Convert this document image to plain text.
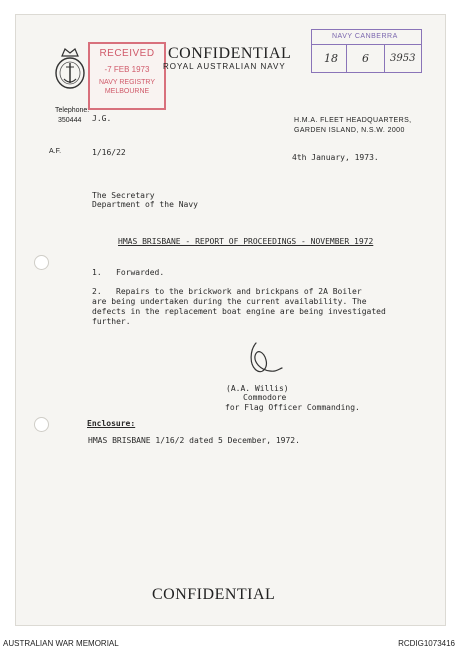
Telephone:
350444
RECEIVED
-7 FEB 1973
NAVY REGISTRY
MELBOURNE
CONFIDENTIAL
ROYAL AUSTRALIAN NAVY
NAVY CANBERRA
18 6 3953
J.G.	H.M.A. FLEET HEADQUARTERS,
GARDEN ISLAND, N.S.W. 2000
A.F.	1/16/22
4th January, 1973.
The Secretary
Department of the Navy
HMAS BRISBANE - REPORT OF PROCEEDINGS - NOVEMBER 1972
1. Forwarded.
2. Repairs to the brickwork and brickpans of 2A Boiler
are being undertaken during the current availability. The
defects in the replacement boat engine are being investigated
further.
(A.A. Willis)
Commodore
for Flag Officer Commanding.
Enclosure:
HMAS BRISBANE 1/16/2 dated 5 December, 1972.
CONFIDENTIAL
AUSTRALIAN WAR MEMORIAL	RCDIG1073416
